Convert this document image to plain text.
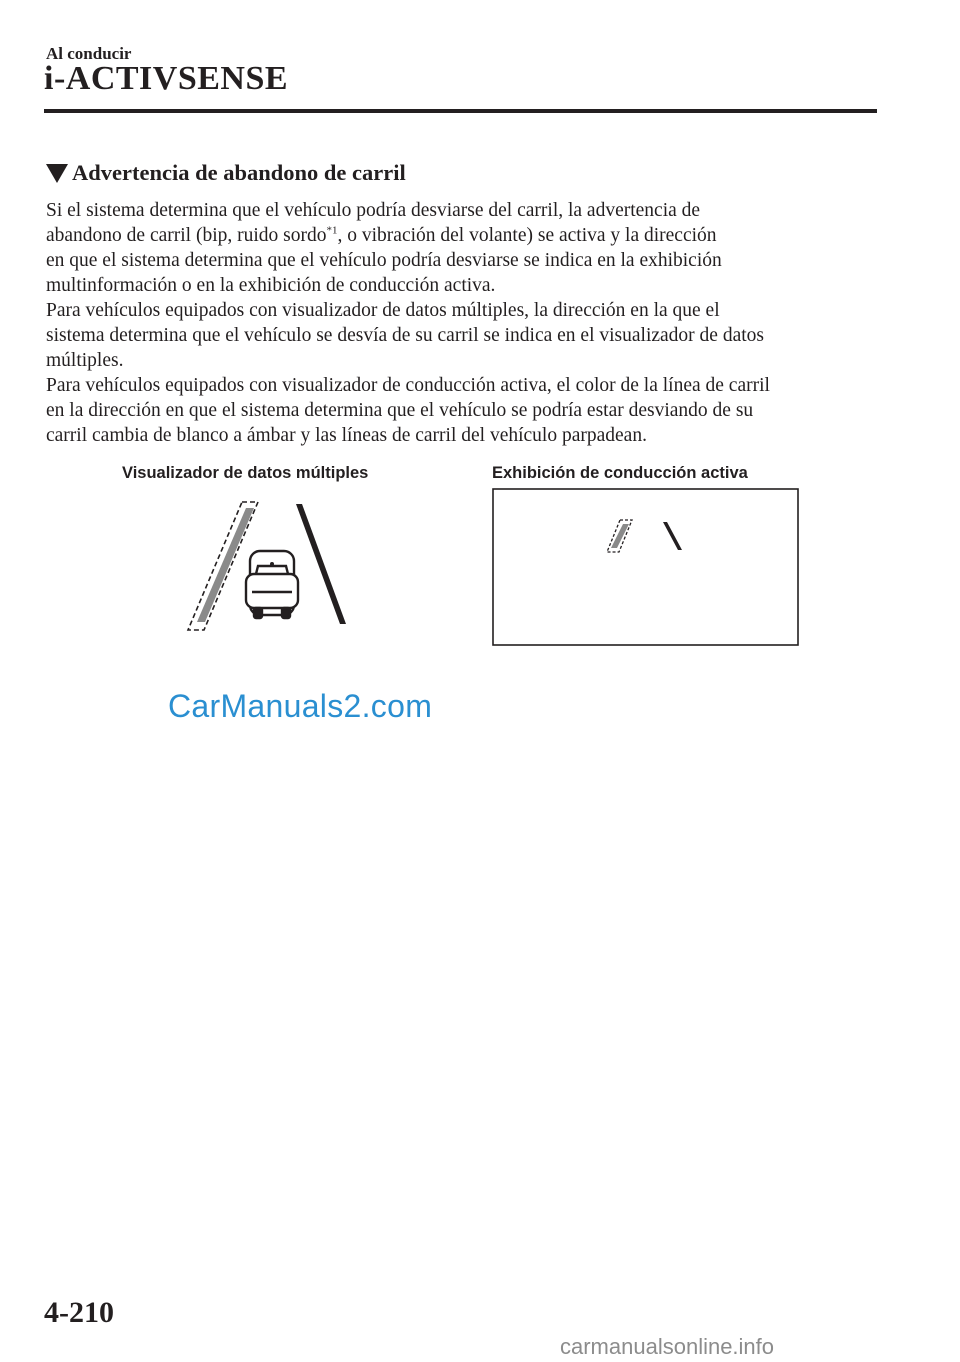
Al conducir
i-ACTIVSENSE
Advertencia de abandono de carril

Si el sistema determina que el vehículo podría desviarse del carril, la advertencia de

abandono de carril (bip, ruido sordo$^{*1}$, o vibración del volante) se activa y la dirección

en que el sistema determina que el vehículo podría desviarse se indica en la exhibición

multinformación o en la exhibición de conducción activa.

Para vehículos equipados con visualizador de datos múltiples, la dirección en la que el

sistema determina que el vehículo se desvía de su carril se indica en el visualizador de datos

múltiples.

Para vehículos equipados con visualizador de conducción activa, el color de la línea de carril

en la dirección en que el sistema determina que el vehículo se podría estar desviando de su

carril cambia de blanco a ámbar y las líneas de carril del vehículo parpadean.

Visualizador de datos múltiples	Exhibición de conducción activa
CarManuals2.com
4-210
carmanualsonline.info
